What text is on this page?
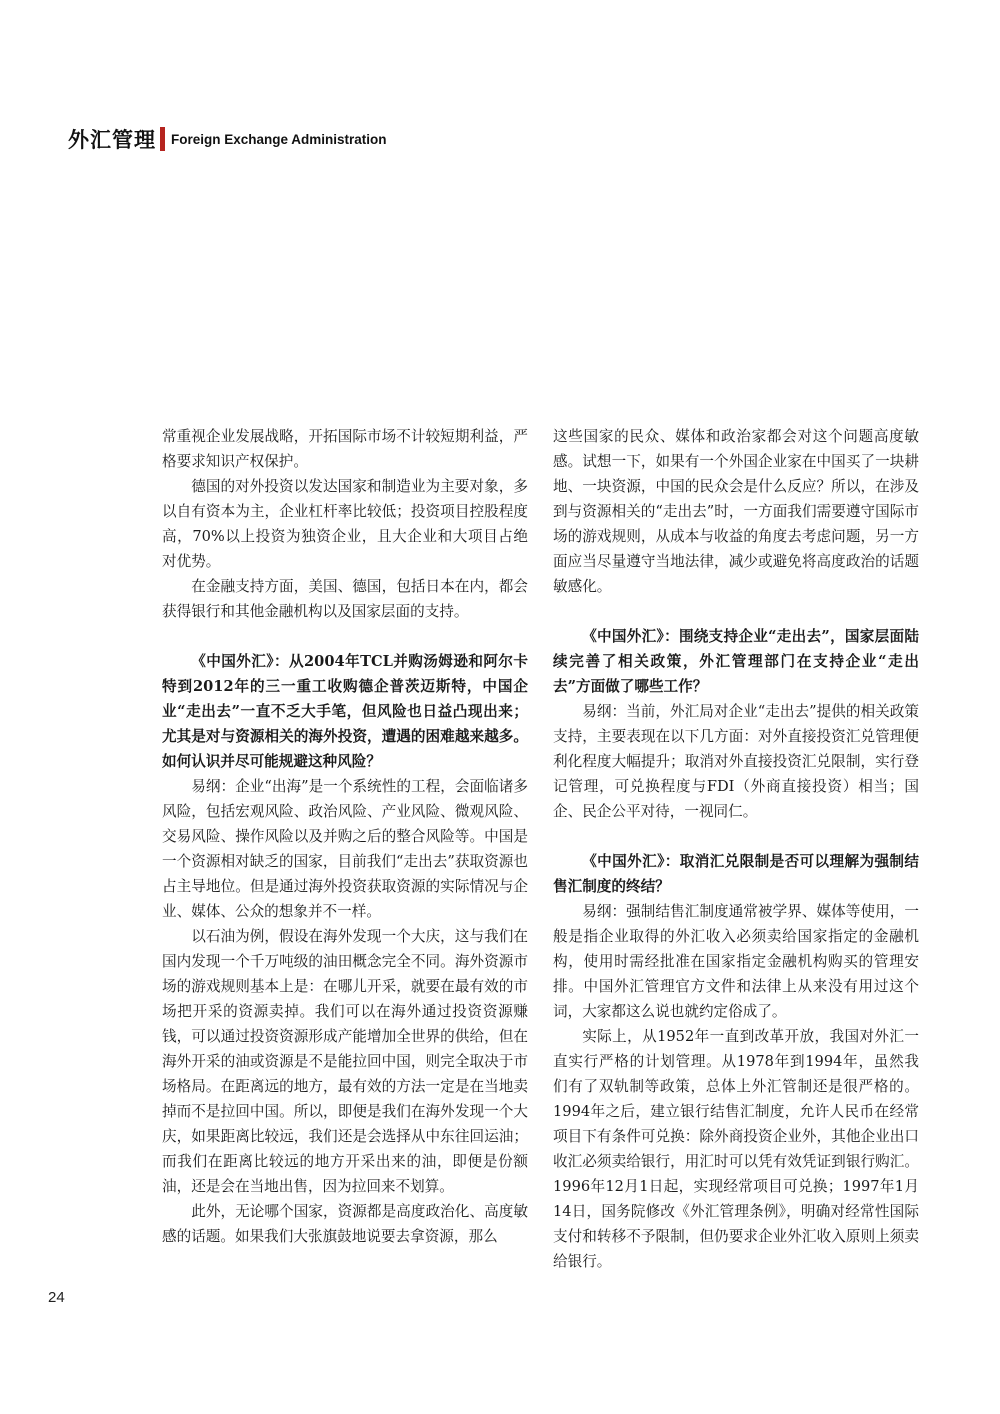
外汇管理 Foreign Exchange Administration

常重视企业发展战略，开拓国际市场不计较短期利益，严格要求知识产权保护。

德国的对外投资以发达国家和制造业为主要对象，多以自有资本为主，企业杠杆率比较低；投资项目控股程度高，70%以上投资为独资企业，且大企业和大项目占绝对优势。

在金融支持方面，美国、德国，包括日本在内，都会获得银行和其他金融机构以及国家层面的支持。

《中国外汇》：从2004年TCL并购汤姆逊和阿尔卡特到2012年的三一重工收购德企普茨迈斯特，中国企业“走出去”一直不乏大手笔，但风险也日益凸现出来；尤其是对与资源相关的海外投资，遭遇的困难越来越多。如何认识并尽可能规避这种风险？

易纲：企业“出海”是一个系统性的工程，会面临诸多风险，包括宏观风险、政治风险、产业风险、微观风险、交易风险、操作风险以及并购之后的整合风险等。中国是一个资源相对缺乏的国家，目前我们“走出去”获取资源也占主导地位。但是通过海外投资获取资源的实际情况与企业、媒体、公众的想象并不一样。

以石油为例，假设在海外发现一个大庆，这与我们在国内发现一个千万吨级的油田概念完全不同。海外资源市场的游戏规则基本上是：在哪儿开采，就要在最有效的市场把开采的资源卖掉。我们可以在海外通过投资资源赚钱，可以通过投资资源形成产能增加全世界的供给，但在海外开采的油或资源是不是能拉回中国，则完全取决于市场格局。在距离远的地方，最有效的方法一定是在当地卖掉而不是拉回中国。所以，即便是我们在海外发现一个大庆，如果距离比较远，我们还是会选择从中东往回运油；而我们在距离比较远的地方开采出来的油，即便是份额油，还是会在当地出售，因为拉回来不划算。

此外，无论哪个国家，资源都是高度政治化、高度敏感的话题。如果我们大张旗鼓地说要去拿资源，那么

这些国家的民众、媒体和政治家都会对这个问题高度敏感。试想一下，如果有一个外国企业家在中国买了一块耕地、一块资源，中国的民众会是什么反应？所以，在涉及到与资源相关的“走出去”时，一方面我们需要遵守国际市场的游戏规则，从成本与收益的角度去考虑问题，另一方面应当尽量遵守当地法律，减少或避免将高度政治的话题敏感化。

《中国外汇》：围绕支持企业“走出去”，国家层面陆续完善了相关政策，外汇管理部门在支持企业“走出去”方面做了哪些工作？

易纲：当前，外汇局对企业“走出去”提供的相关政策支持，主要表现在以下几方面：对外直接投资汇兑管理便利化程度大幅提升；取消对外直接投资汇兑限制，实行登记管理，可兑换程度与FDI（外商直接投资）相当；国企、民企公平对待，一视同仁。

《中国外汇》：取消汇兑限制是否可以理解为强制结售汇制度的终结？

易纲：强制结售汇制度通常被学界、媒体等使用，一般是指企业取得的外汇收入必须卖给国家指定的金融机构，使用时需经批准在国家指定金融机构购买的管理安排。中国外汇管理官方文件和法律上从来没有用过这个词，大家都这么说也就约定俗成了。

实际上，从1952年一直到改革开放，我国对外汇一直实行严格的计划管理。从1978年到1994年，虽然我们有了双轨制等政策，总体上外汇管制还是很严格的。1994年之后，建立银行结售汇制度，允许人民币在经常项目下有条件可兑换：除外商投资企业外，其他企业出口收汇必须卖给银行，用汇时可以凭有效凭证到银行购汇。1996年12月1日起，实现经常项目可兑换；1997年1月14日，国务院修改《外汇管理条例》，明确对经常性国际支付和转移不予限制，但仍要求企业外汇收入原则上须卖给银行。

24
